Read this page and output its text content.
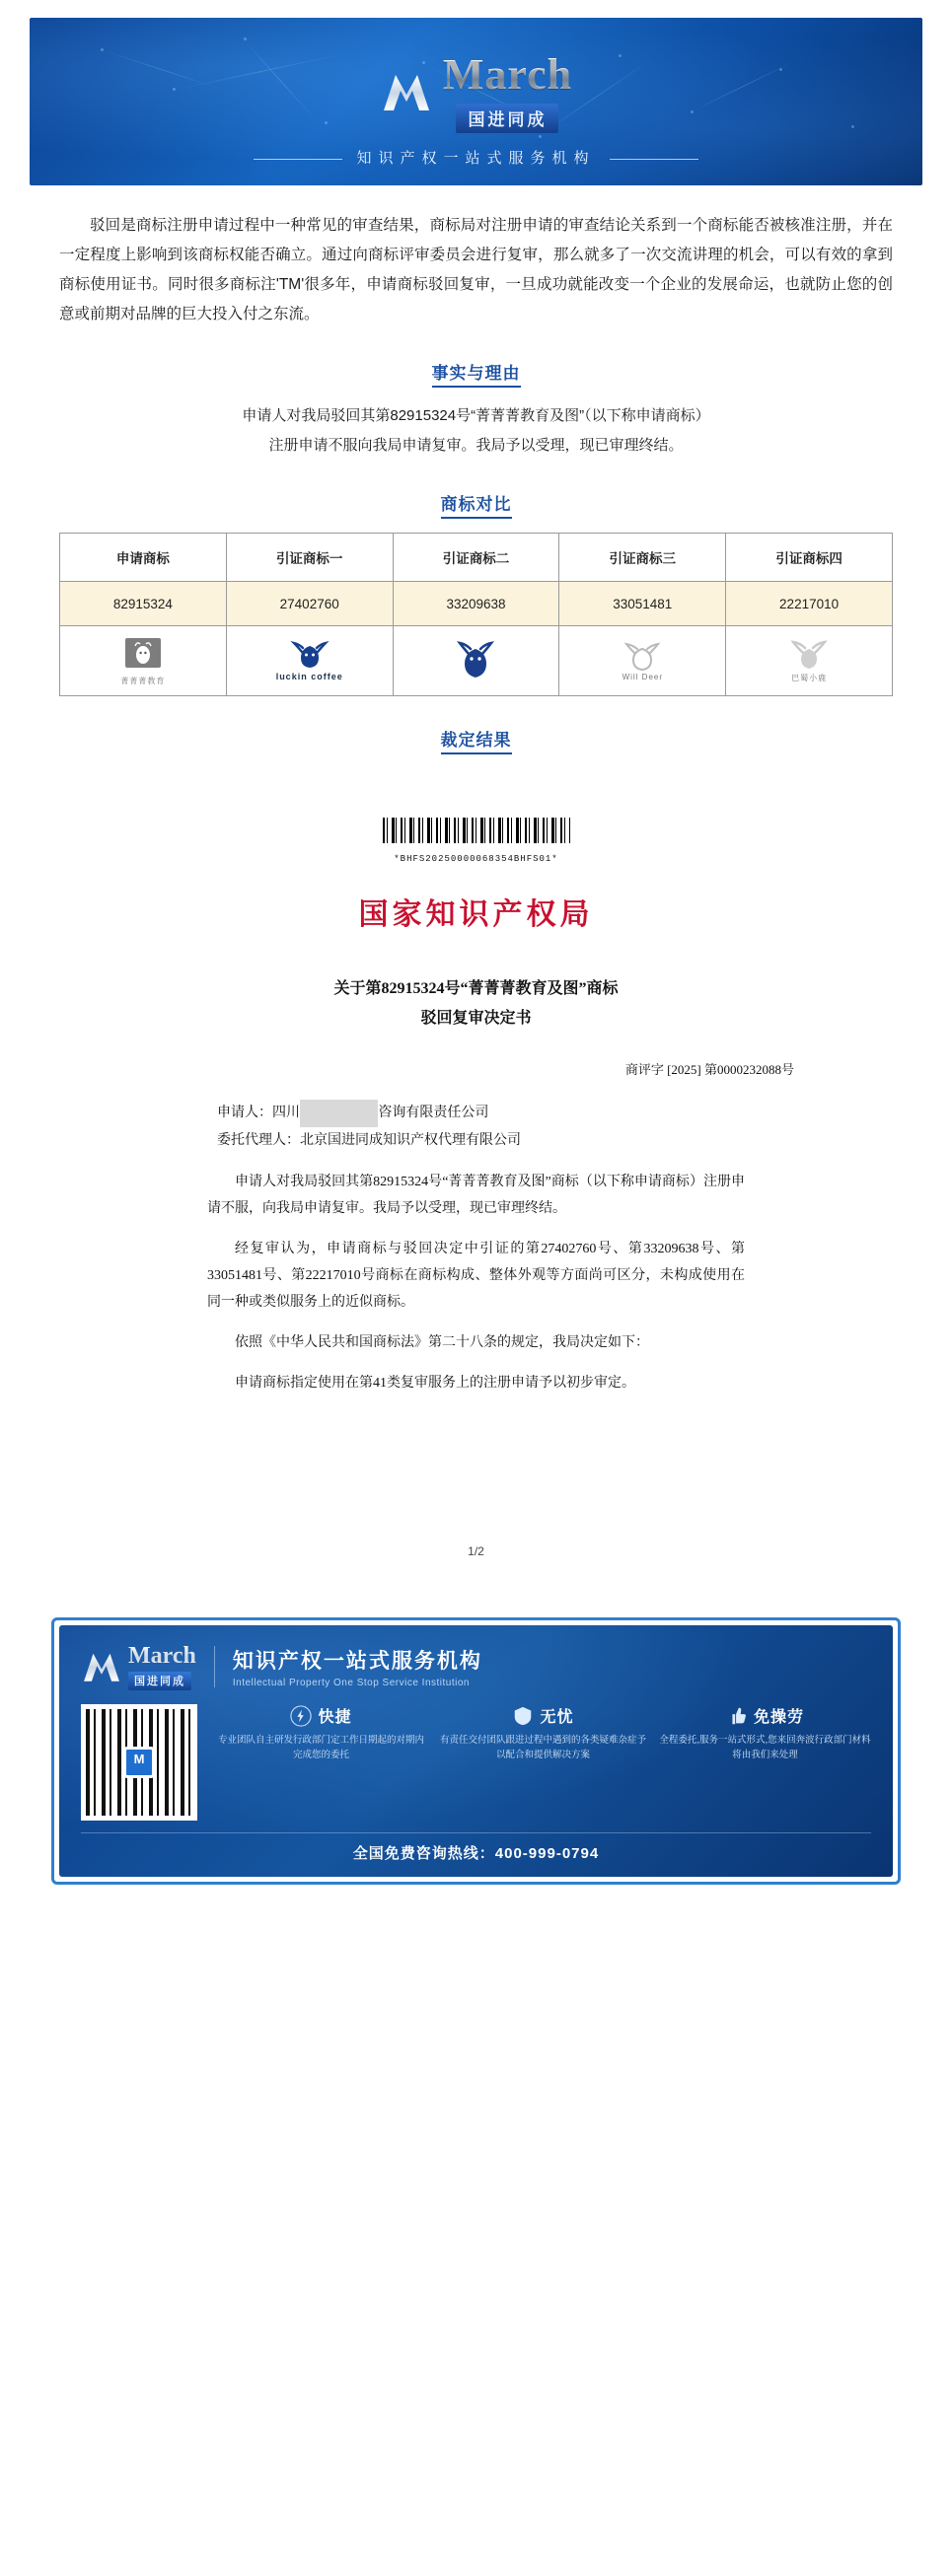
March
国进同成
知识产权一站式服务机构

驳回是商标注册申请过程中一种常见的审查结果，商标局对注册申请的审查结论关系到一个商标能否被核准注册，并在一定程度上影响到该商标权能否确立。通过向商标评审委员会进行复审，那么就多了一次交流讲理的机会，可以有效的拿到商标使用证书。同时很多商标注'TM'很多年，申请商标驳回复审，一旦成功就能改变一个企业的发展命运，也就防止您的创意或前期对品牌的巨大投入付之东流。

事实与理由
申请人对我局驳回其第82915324号“菁菁菁教育及图”（以下称申请商标）
注册申请不服向我局申请复审。我局予以受理，现已审理终结。
商标对比
申请商标	引证商标一	引证商标二	引证商标三	引证商标四
82915324	27402760	33209638	33051481	22217010

菁菁菁教育	luckin coffee		Will Deer	巴蜀小鹿
裁定结果
*BHFS20250000068354BHFS01*
国家知识产权局
关于第82915324号“菁菁菁教育及图”商标
驳回复审决定书
商评字 [2025] 第0000232088号
申请人：四川	咨询有限责任公司
委托代理人：北京国进同成知识产权代理有限公司

申请人对我局驳回其第82915324号“菁菁菁教育及图”商标（以下称申请商标）注册申请不服，向我局申请复审。我局予以受理，现已审理终结。

经复审认为，申请商标与驳回决定中引证的第27402760号、第33209638号、第33051481号、第22217010号商标在商标构成、整体外观等方面尚可区分，未构成使用在同一种或类似服务上的近似商标。

依照《中华人民共和国商标法》第二十八条的规定，我局决定如下：

申请商标指定使用在第41类复审服务上的注册申请予以初步审定。

1/2
March
国进同成
知识产权一站式服务机构
Intellectual Property One Stop Service Institution
M
快捷
专业团队自主研发行政部门定工作日期起的对期内完成您的委托
无忧
有责任交付团队跟进过程中遇到的各类疑难杂症予以配合和提供解决方案
免操劳
全程委托,服务一站式形式,您来回奔波行政部门材料将由我们来处理
全国免费咨询热线：400-999-0794
